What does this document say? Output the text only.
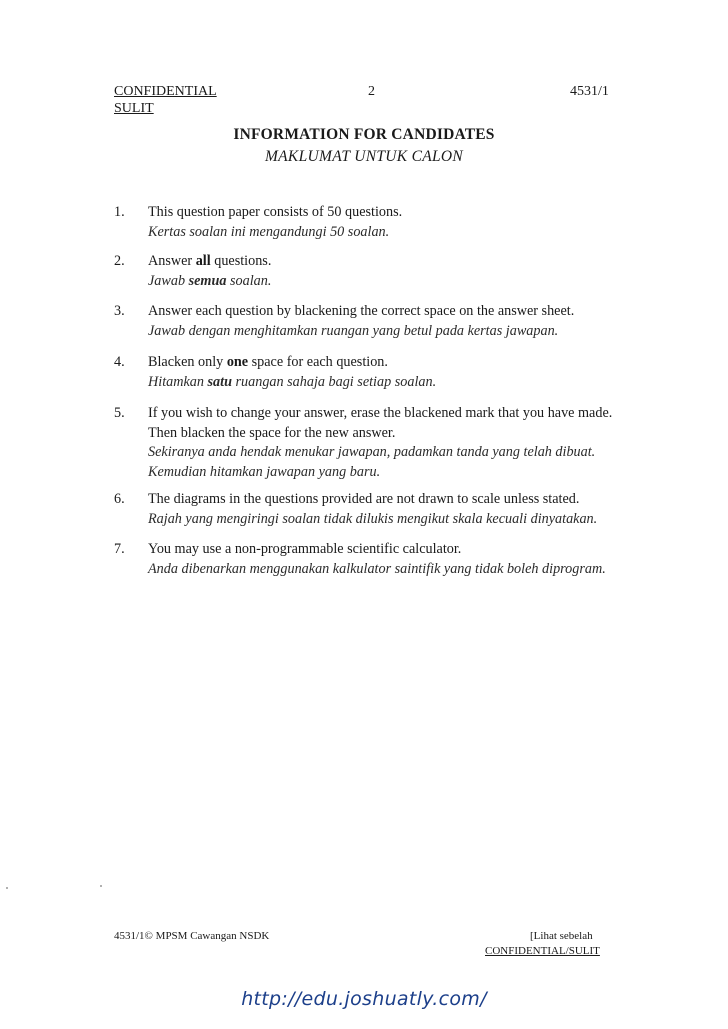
CONFIDENTIAL
SULIT
2	4531/1
INFORMATION FOR CANDIDATES
MAKLUMAT UNTUK CALON
1.	This question paper consists of 50 questions.
Kertas soalan ini mengandungi 50 soalan.
2.	Answer all questions.
Jawab semua soalan.
3.	Answer each question by blackening the correct space on the answer sheet.
Jawab dengan menghitamkan ruangan yang betul pada kertas jawapan.
4.	Blacken only one space for each question.
Hitamkan satu ruangan sahaja bagi setiap soalan.
5.	If you wish to change your answer, erase the blackened mark that you have made.
Then blacken the space for the new answer.
Sekiranya anda hendak menukar jawapan, padamkan tanda yang telah dibuat.
Kemudian hitamkan jawapan yang baru.
6.	The diagrams in the questions provided are not drawn to scale unless stated.
Rajah yang mengiringi soalan tidak dilukis mengikut skala kecuali dinyatakan.
7.	You may use a non-programmable scientific calculator.
Anda dibenarkan menggunakan kalkulator saintifik yang tidak boleh diprogram.
4531/1© MPSM Cawangan NSDK	[Lihat sebelah
CONFIDENTIAL/SULIT
http://edu.joshuatly.com/
